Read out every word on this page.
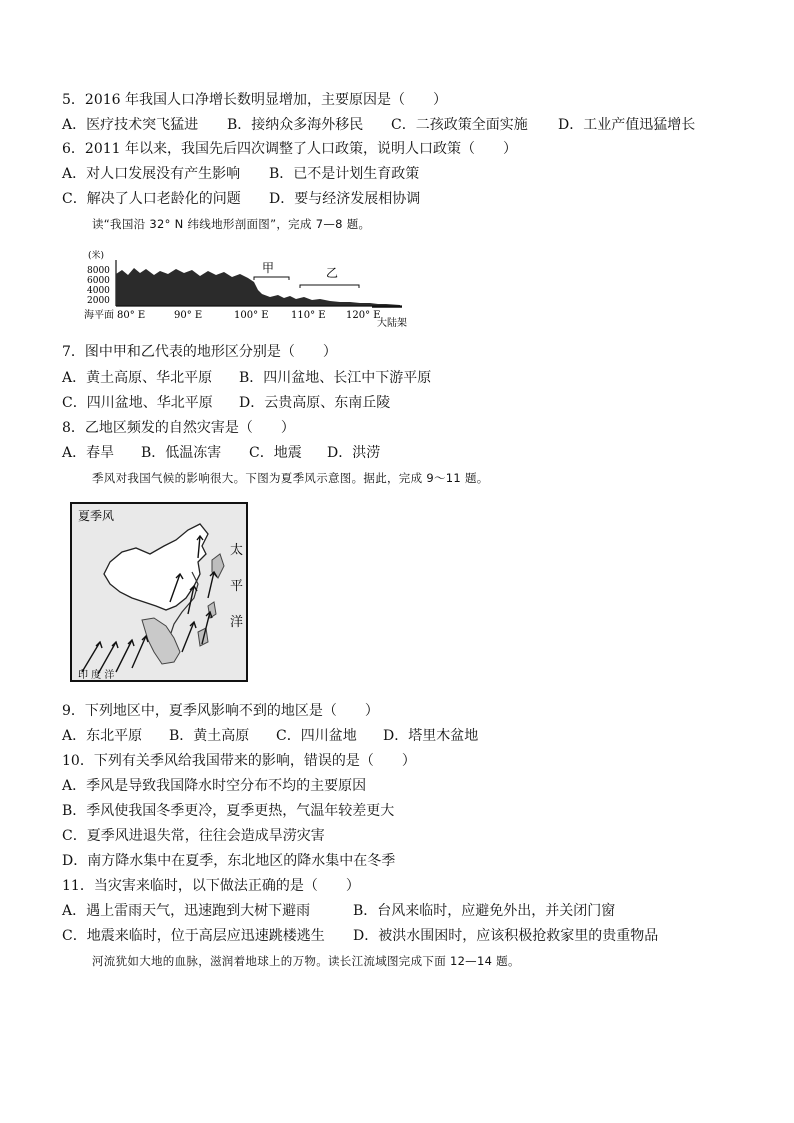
5．2016 年我国人口净增长数明显增加，主要原因是（　　）
A．医疗技术突飞猛进 B．接纳众多海外移民 C．二孩政策全面实施 D．工业产值迅猛增长
6．2011 年以来，我国先后四次调整了人口政策，说明人口政策（　　）
A．对人口发展没有产生影响 B．已不是计划生育政策
C．解决了人口老龄化的问题 D．要与经济发展相协调
读“我国沿 32° N 纬线地形剖面图”，完成 7—8 题。
(米)
8000
6000
4000
2000
甲	乙
海平面 80° E	90° E	100° E 110° E 120° E
大陆架
7．图中甲和乙代表的地形区分别是（　　）
A．黄土高原、华北平原 B．四川盆地、长江中下游平原
C．四川盆地、华北平原 D．云贵高原、东南丘陵
8．乙地区频发的自然灾害是（　　）
A．春旱 B．低温冻害 C．地震 D．洪涝
季风对我国气候的影响很大。下图为夏季风示意图。据此，完成 9～11 题。
夏季风
太
平
洋
印 度 洋
9．下列地区中，夏季风影响不到的地区是（　　）
A．东北平原 B．黄土高原 C．四川盆地 D．塔里木盆地
10．下列有关季风给我国带来的影响，错误的是（　　）
A．季风是导致我国降水时空分布不均的主要原因
B．季风使我国冬季更冷，夏季更热，气温年较差更大
C．夏季风进退失常，往往会造成旱涝灾害
D．南方降水集中在夏季，东北地区的降水集中在冬季
11．当灾害来临时，以下做法正确的是（　　）
A．遇上雷雨天气，迅速跑到大树下避雨	B．台风来临时，应避免外出，并关闭门窗
C．地震来临时，位于高层应迅速跳楼逃生 D．被洪水围困时，应该积极抢救家里的贵重物品
河流犹如大地的血脉，滋润着地球上的万物。读长江流域图完成下面 12—14 题。
